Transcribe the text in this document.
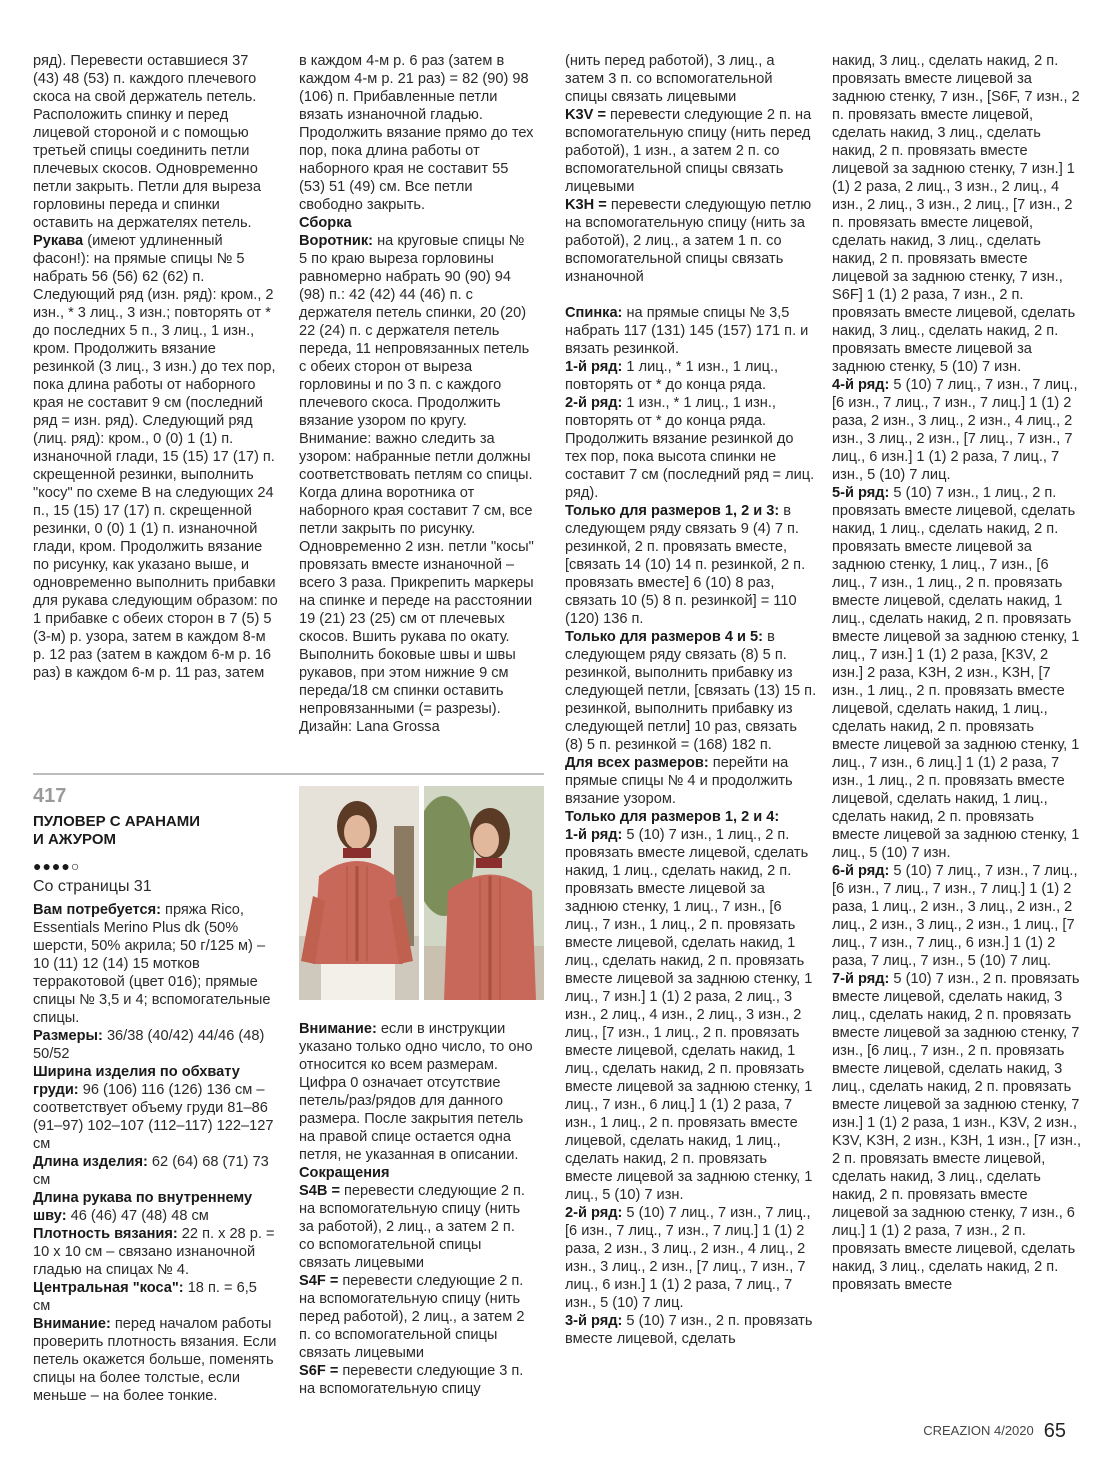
ряд). Перевести оставшиеся 37 (43) 48 (53) п. каждого плечевого скоса на свой держатель петель. Расположить спинку и перед лицевой стороной и с помощью третьей спицы соединить петли плечевых скосов. Одновременно петли закрыть. Петли для выреза горловины переда и спинки оставить на держателях петель.

Рукава (имеют удлиненный фасон!): на прямые спицы № 5 набрать 56 (56) 62 (62) п. Следующий ряд (изн. ряд): кром., 2 изн., * 3 лиц., 3 изн.; повторять от * до последних 5 п., 3 лиц., 1 изн., кром. Продолжить вязание резинкой (3 лиц., 3 изн.) до тех пор, пока длина работы от наборного края не составит 9 см (последний ряд = изн. ряд). Следующий ряд (лиц. ряд): кром., 0 (0) 1 (1) п. изнаночной глади, 15 (15) 17 (17) п. скрещенной резинки, выполнить "косу" по схеме В на следующих 24 п., 15 (15) 17 (17) п. скрещенной резинки, 0 (0) 1 (1) п. изнаночной глади, кром. Продолжить вязание по рисунку, как указано выше, и одновременно выполнить прибавки для рукава следующим образом: по 1 прибавке с обеих сторон в 7 (5) 5 (3-м) р. узора, затем в каждом 8-м р. 12 раз (затем в каждом 6-м р. 16 раз) в каждом 6-м р. 11 раз, затем

в каждом 4-м р. 6 раз (затем в каждом 4-м р. 21 раз) = 82 (90) 98 (106) п. Прибавленные петли вязать изнаночной гладью. Продолжить вязание прямо до тех пор, пока длина работы от наборного края не составит 55 (53) 51 (49) см. Все петли свободно закрыть.

Сборка

Воротник: на круговые спицы № 5 по краю выреза горловины равномерно набрать 90 (90) 94 (98) п.: 42 (42) 44 (46) п. с держателя петель спинки, 20 (20) 22 (24) п. с держателя петель переда, 11 непровязанных петель с обеих сторон от выреза горловины и по 3 п. с каждого плечевого скоса. Продолжить вязание узором по кругу. Внимание: важно следить за узором: набранные петли должны соответствовать петлям со спицы. Когда длина воротника от наборного края составит 7 см, все петли закрыть по рисунку. Одновременно 2 изн. петли "косы" провязать вместе изнаночной – всего 3 раза. Прикрепить маркеры на спинке и переде на расстоянии 19 (21) 23 (25) см от плечевых скосов. Вшить рукава по окату. Выполнить боковые швы и швы рукавов, при этом нижние 9 см переда/18 см спинки оставить непровязанными (= разрезы).

Дизайн: Lana Grossa

417
ПУЛОВЕР С АРАНАМИ
И АЖУРОМ
●●●●○
Со страницы 31

Вам потребуется: пряжа Rico, Essentials Merino Plus dk (50% шерсти, 50% акрила; 50 г/125 м) – 10 (11) 12 (14) 15 мотков терракотовой (цвет 016); прямые спицы № 3,5 и 4; вспомогательные спицы.

Размеры: 36/38 (40/42) 44/46 (48) 50/52

Ширина изделия по обхвату груди: 96 (106) 116 (126) 136 см – соответствует объему груди 81–86 (91–97) 102–107 (112–117) 122–127 см

Длина изделия: 62 (64) 68 (71) 73 см

Длина рукава по внутреннему шву: 46 (46) 47 (48) 48 см

Плотность вязания: 22 п. x 28 р. = 10 x 10 см – связано изнаночной гладью на спицах № 4.

Центральная "коса": 18 п. = 6,5 см

Внимание: перед началом работы проверить плотность вязания. Если петель окажется больше, поменять спицы на более толстые, если меньше – на более тонкие.

Внимание: если в инструкции указано только одно число, то оно относится ко всем размерам. Цифра 0 означает отсутствие петель/раз/рядов для данного размера. После закрытия петель на правой спице остается одна петля, не указанная в описании.

Сокращения

S4B = перевести следующие 2 п. на вспомогательную спицу (нить за работой), 2 лиц., а затем 2 п. со вспомогательной спицы связать лицевыми

S4F = перевести следующие 2 п. на вспомогательную спицу (нить перед работой), 2 лиц., а затем 2 п. со вспомогательной спицы связать лицевыми

S6F = перевести следующие 3 п. на вспомогательную спицу

(нить перед работой), 3 лиц., а затем 3 п. со вспомогательной спицы связать лицевыми

K3V = перевести следующие 2 п. на вспомогательную спицу (нить перед работой), 1 изн., а затем 2 п. со вспомогательной спицы связать лицевыми

K3H = перевести следующую петлю на вспомогательную спицу (нить за работой), 2 лиц., а затем 1 п. со вспомогательной спицы связать изнаночной

Спинка: на прямые спицы № 3,5 набрать 117 (131) 145 (157) 171 п. и вязать резинкой.

1-й ряд: 1 лиц., * 1 изн., 1 лиц., повторять от * до конца ряда.

2-й ряд: 1 изн., * 1 лиц., 1 изн., повторять от * до конца ряда. Продолжить вязание резинкой до тех пор, пока высота спинки не составит 7 см (последний ряд = лиц. ряд).

Только для размеров 1, 2 и 3: в следующем ряду связать 9 (4) 7 п. резинкой, 2 п. провязать вместе, [связать 14 (10) 14 п. резинкой, 2 п. провязать вместе] 6 (10) 8 раз, связать 10 (5) 8 п. резинкой] = 110 (120) 136 п.

Только для размеров 4 и 5: в следующем ряду связать (8) 5 п. резинкой, выполнить прибавку из следующей петли, [связать (13) 15 п. резинкой, выполнить прибавку из следующей петли] 10 раз, связать (8) 5 п. резинкой = (168) 182 п.

Для всех размеров: перейти на прямые спицы № 4 и продолжить вязание узором.

Только для размеров 1, 2 и 4:

1-й ряд: 5 (10) 7 изн., 1 лиц., 2 п. провязать вместе лицевой, сделать накид, 1 лиц., сделать накид, 2 п. провязать вместе лицевой за заднюю стенку, 1 лиц., 7 изн., [6 лиц., 7 изн., 1 лиц., 2 п. провязать вместе лицевой, сделать накид, 1 лиц., сделать накид, 2 п. провязать вместе лицевой за заднюю стенку, 1 лиц., 7 изн.] 1 (1) 2 раза, 2 лиц., 3 изн., 2 лиц., 4 изн., 2 лиц., 3 изн., 2 лиц., [7 изн., 1 лиц., 2 п. провязать вместе лицевой, сделать накид, 1 лиц., сделать накид, 2 п. провязать вместе лицевой за заднюю стенку, 1 лиц., 7 изн., 6 лиц.] 1 (1) 2 раза, 7 изн., 1 лиц., 2 п. провязать вместе лицевой, сделать накид, 1 лиц., сделать накид, 2 п. провязать вместе лицевой за заднюю стенку, 1 лиц., 5 (10) 7 изн.

2-й ряд: 5 (10) 7 лиц., 7 изн., 7 лиц., [6 изн., 7 лиц., 7 изн., 7 лиц.] 1 (1) 2 раза, 2 изн., 3 лиц., 2 изн., 4 лиц., 2 изн., 3 лиц., 2 изн., [7 лиц., 7 изн., 7 лиц., 6 изн.] 1 (1) 2 раза, 7 лиц., 7 изн., 5 (10) 7 лиц.

3-й ряд: 5 (10) 7 изн., 2 п. провязать вместе лицевой, сделать

накид, 3 лиц., сделать накид, 2 п. провязать вместе лицевой за заднюю стенку, 7 изн., [S6F, 7 изн., 2 п. провязать вместе лицевой, сделать накид, 3 лиц., сделать накид, 2 п. провязать вместе лицевой за заднюю стенку, 7 изн.] 1 (1) 2 раза, 2 лиц., 3 изн., 2 лиц., 4 изн., 2 лиц., 3 изн., 2 лиц., [7 изн., 2 п. провязать вместе лицевой, сделать накид, 3 лиц., сделать накид, 2 п. провязать вместе лицевой за заднюю стенку, 7 изн., S6F] 1 (1) 2 раза, 7 изн., 2 п. провязать вместе лицевой, сделать накид, 3 лиц., сделать накид, 2 п. провязать вместе лицевой за заднюю стенку, 5 (10) 7 изн.

4-й ряд: 5 (10) 7 лиц., 7 изн., 7 лиц., [6 изн., 7 лиц., 7 изн., 7 лиц.] 1 (1) 2 раза, 2 изн., 3 лиц., 2 изн., 4 лиц., 2 изн., 3 лиц., 2 изн., [7 лиц., 7 изн., 7 лиц., 6 изн.] 1 (1) 2 раза, 7 лиц., 7 изн., 5 (10) 7 лиц.

5-й ряд: 5 (10) 7 изн., 1 лиц., 2 п. провязать вместе лицевой, сделать накид, 1 лиц., сделать накид, 2 п. провязать вместе лицевой за заднюю стенку, 1 лиц., 7 изн., [6 лиц., 7 изн., 1 лиц., 2 п. провязать вместе лицевой, сделать накид, 1 лиц., сделать накид, 2 п. провязать вместе лицевой за заднюю стенку, 1 лиц., 7 изн.] 1 (1) 2 раза, [K3V, 2 изн.] 2 раза, K3H, 2 изн., K3H, [7 изн., 1 лиц., 2 п. провязать вместе лицевой, сделать накид, 1 лиц., сделать накид, 2 п. провязать вместе лицевой за заднюю стенку, 1 лиц., 7 изн., 6 лиц.] 1 (1) 2 раза, 7 изн., 1 лиц., 2 п. провязать вместе лицевой, сделать накид, 1 лиц., сделать накид, 2 п. провязать вместе лицевой за заднюю стенку, 1 лиц., 5 (10) 7 изн.

6-й ряд: 5 (10) 7 лиц., 7 изн., 7 лиц., [6 изн., 7 лиц., 7 изн., 7 лиц.] 1 (1) 2 раза, 1 лиц., 2 изн., 3 лиц., 2 изн., 2 лиц., 2 изн., 3 лиц., 2 изн., 1 лиц., [7 лиц., 7 изн., 7 лиц., 6 изн.] 1 (1) 2 раза, 7 лиц., 7 изн., 5 (10) 7 лиц.

7-й ряд: 5 (10) 7 изн., 2 п. провязать вместе лицевой, сделать накид, 3 лиц., сделать накид, 2 п. провязать вместе лицевой за заднюю стенку, 7 изн., [6 лиц., 7 изн., 2 п. провязать вместе лицевой, сделать накид, 3 лиц., сделать накид, 2 п. провязать вместе лицевой за заднюю стенку, 7 изн.] 1 (1) 2 раза, 1 изн., K3V, 2 изн., K3V, K3H, 2 изн., K3H, 1 изн., [7 изн., 2 п. провязать вместе лицевой, сделать накид, 3 лиц., сделать накид, 2 п. провязать вместе лицевой за заднюю стенку, 7 изн., 6 лиц.] 1 (1) 2 раза, 7 изн., 2 п. провязать вместе лицевой, сделать накид, 3 лиц., сделать накид, 2 п. провязать вместе

CREAZION 4/2020 65
